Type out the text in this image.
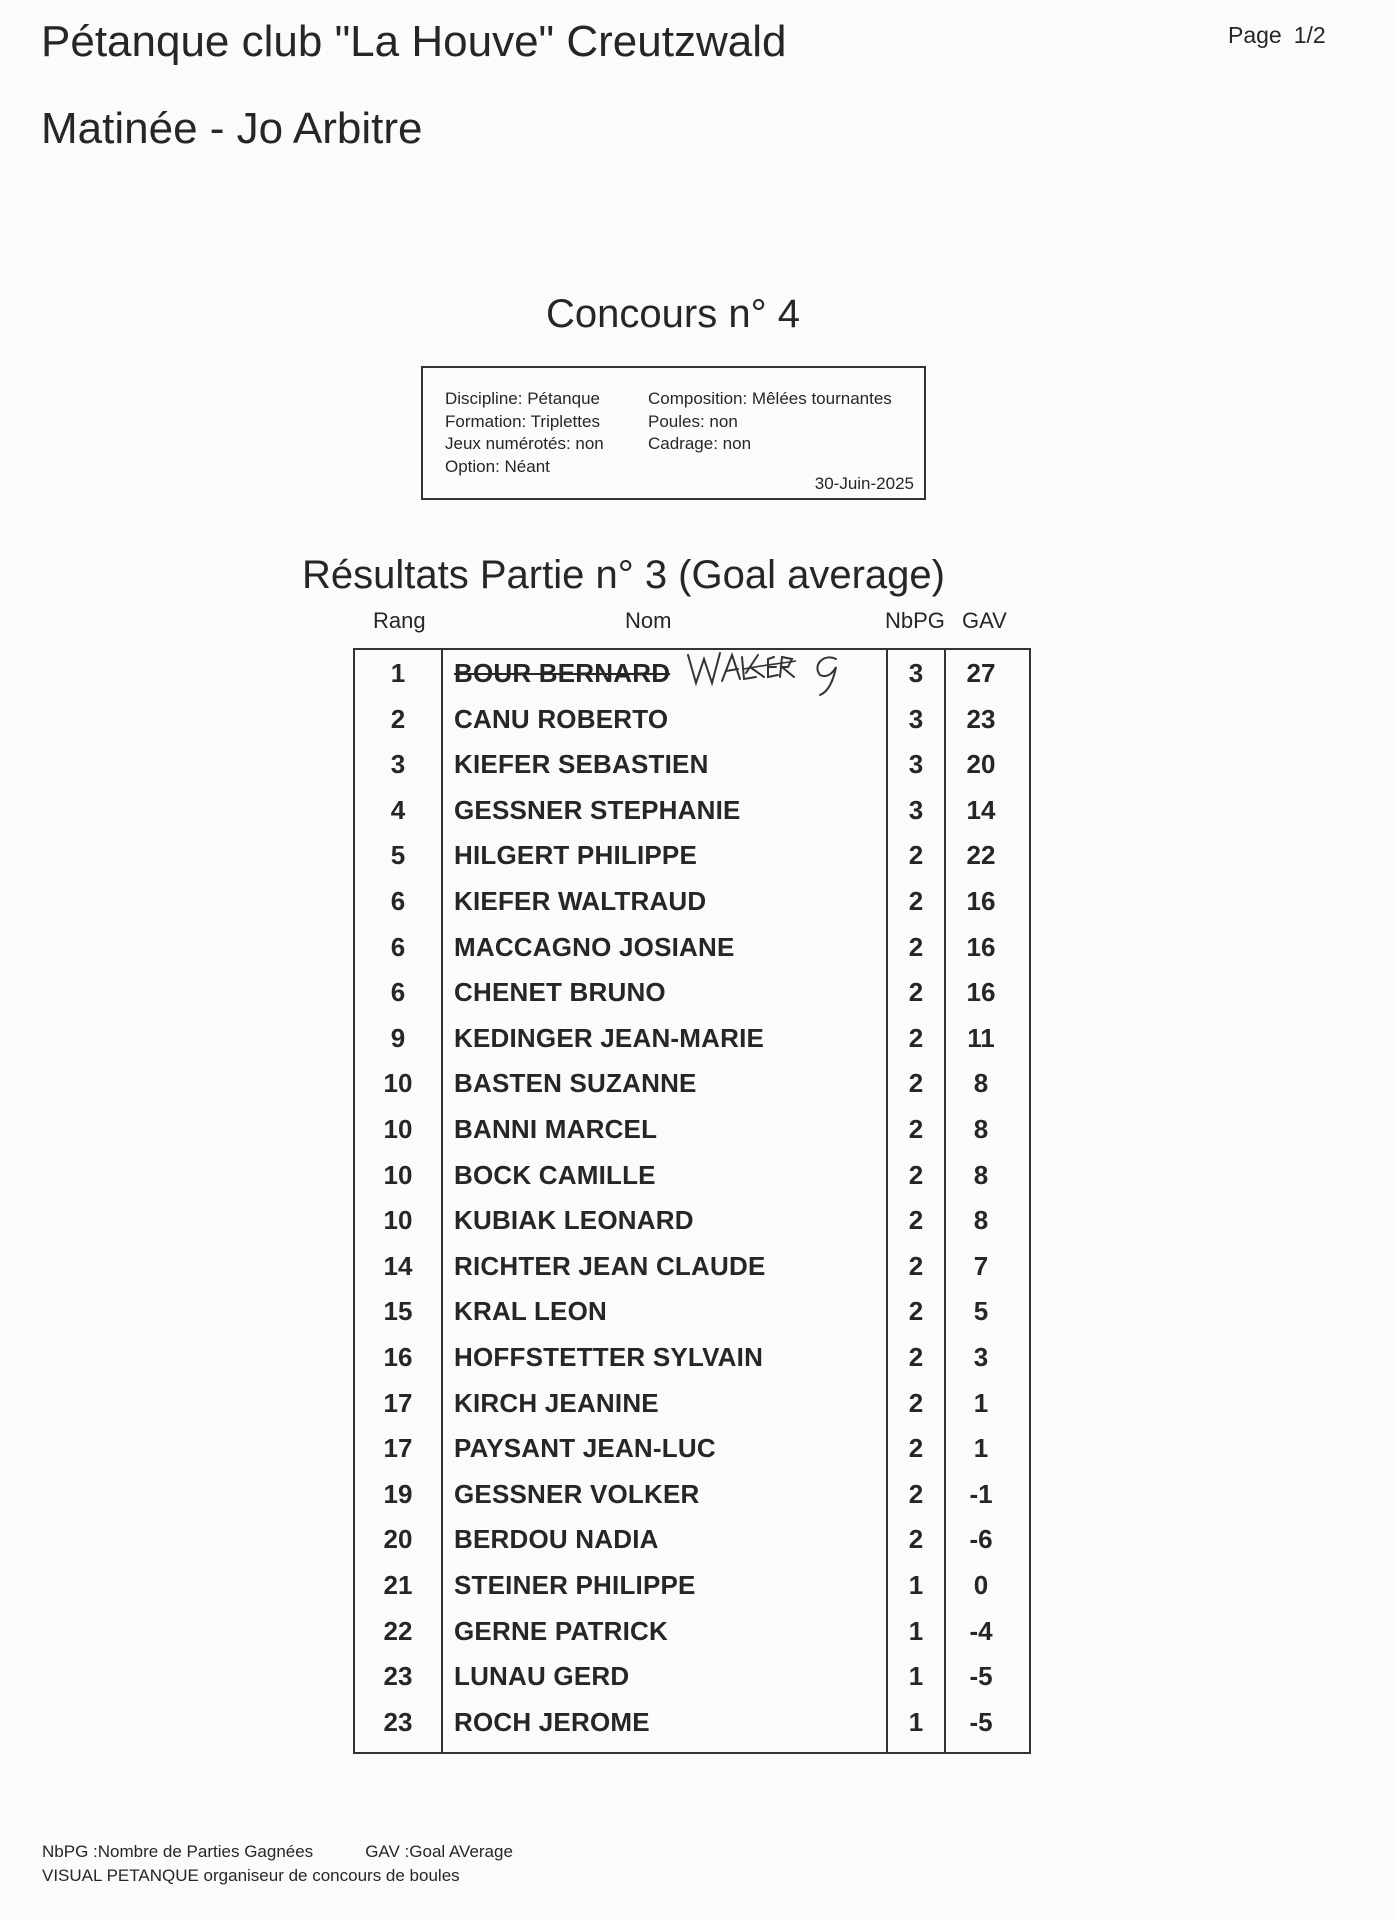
Pétanque club "La Houve" Creutzwald
Matinée - Jo Arbitre
Page 1/2
Concours n° 4
Discipline: Pétanque
Formation: Triplettes
Jeux numérotés: non
Option: Néant
Composition: Mêlées tournantes
Poules: non
Cadrage: non
30-Juin-2025
Résultats Partie n° 3 (Goal average)
Rang	Nom	NbPG GAV
1	BOUR BERNARD	3	27
2	CANU ROBERTO	3	23
3	KIEFER SEBASTIEN	3	20
4	GESSNER STEPHANIE	3	14
5	HILGERT PHILIPPE	2	22
6	KIEFER WALTRAUD	2	16
6	MACCAGNO JOSIANE	2	16
6	CHENET BRUNO	2	16
9	KEDINGER JEAN-MARIE	2	11
10	BASTEN SUZANNE	2	8
10	BANNI MARCEL	2	8
10	BOCK CAMILLE	2	8
10	KUBIAK LEONARD	2	8
14	RICHTER JEAN CLAUDE	2	7
15	KRAL LEON	2	5
16	HOFFSTETTER SYLVAIN	2	3
17	KIRCH JEANINE	2	1
17	PAYSANT JEAN-LUC	2	1
19	GESSNER VOLKER	2	-1
20	BERDOU NADIA	2	-6
21	STEINER PHILIPPE	1	0
22	GERNE PATRICK	1	-4
23	LUNAU GERD	1	-5
23	ROCH JEROME	1	-5
WALKER G
NbPG :Nombre de Parties Gagnées	GAV :Goal AVerage
VISUAL PETANQUE organiseur de concours de boules
